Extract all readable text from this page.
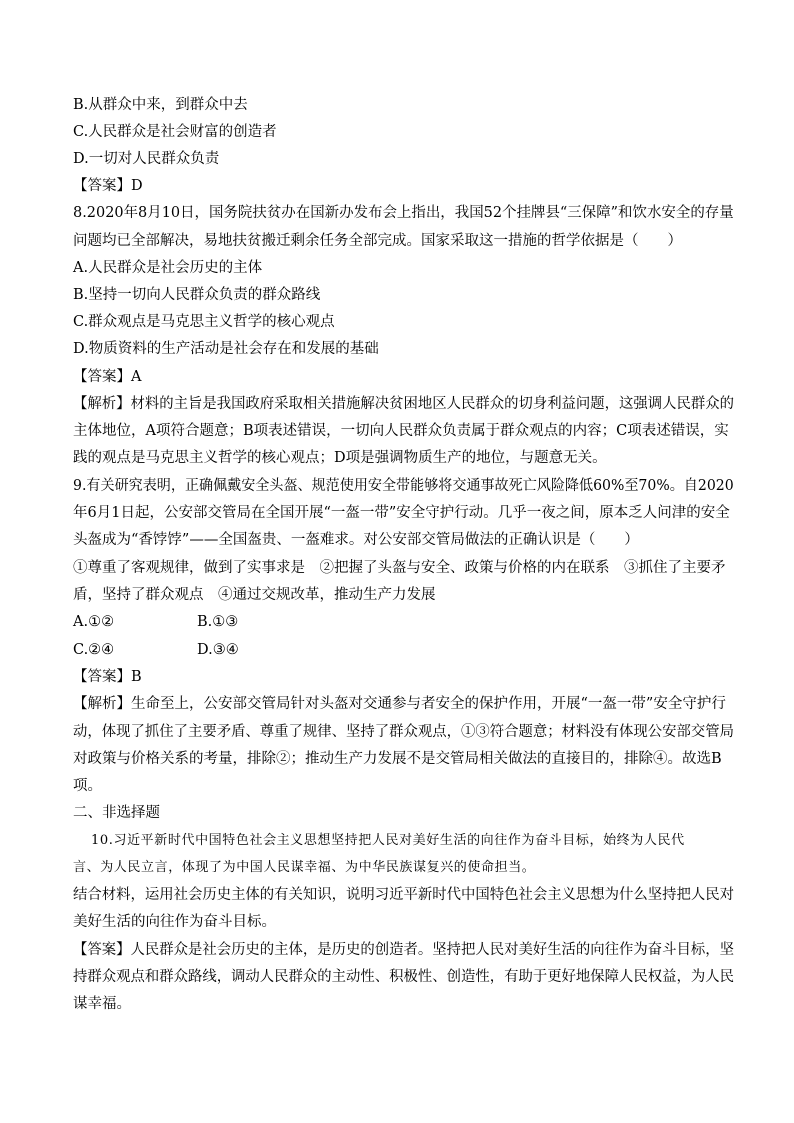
B.从群众中来，到群众中去
C.人民群众是社会财富的创造者
D.一切对人民群众负责
【答案】D
8.2020年8月10日，国务院扶贫办在国新办发布会上指出，我国52个挂牌县“三保障”和饮水安全的存量
问题均已全部解决，易地扶贫搬迁剩余任务全部完成。国家采取这一措施的哲学依据是（　　）
A.人民群众是社会历史的主体
B.坚持一切向人民群众负责的群众路线
C.群众观点是马克思主义哲学的核心观点
D.物质资料的生产活动是社会存在和发展的基础
【答案】A
【解析】材料的主旨是我国政府采取相关措施解决贫困地区人民群众的切身利益问题，这强调人民群众的
主体地位，A项符合题意；B项表述错误，一切向人民群众负责属于群众观点的内容；C项表述错误，实
践的观点是马克思主义哲学的核心观点；D项是强调物质生产的地位，与题意无关。
9.有关研究表明，正确佩戴安全头盔、规范使用安全带能够将交通事故死亡风险降低60%至70%。自2020
年6月1日起，公安部交管局在全国开展“一盔一带”安全守护行动。几乎一夜之间，原本乏人问津的安全
头盔成为“香饽饽”——全国盔贵、一盔难求。对公安部交管局做法的正确认识是（　　）
①尊重了客观规律，做到了实事求是　②把握了头盔与安全、政策与价格的内在联系　③抓住了主要矛
盾，坚持了群众观点　④通过交规改革，推动生产力发展
A.①②	B.①③
C.②④	D.③④
【答案】B
【解析】生命至上，公安部交管局针对头盔对交通参与者安全的保护作用，开展“一盔一带”安全守护行
动，体现了抓住了主要矛盾、尊重了规律、坚持了群众观点，①③符合题意；材料没有体现公安部交管局
对政策与价格关系的考量，排除②；推动生产力发展不是交管局相关做法的直接目的，排除④。故选B
项。
二、非选择题
10.习近平新时代中国特色社会主义思想坚持把人民对美好生活的向往作为奋斗目标，始终为人民代
言、为人民立言，体现了为中国人民谋幸福、为中华民族谋复兴的使命担当。
结合材料，运用社会历史主体的有关知识，说明习近平新时代中国特色社会主义思想为什么坚持把人民对
美好生活的向往作为奋斗目标。
【答案】人民群众是社会历史的主体，是历史的创造者。坚持把人民对美好生活的向往作为奋斗目标，坚
持群众观点和群众路线，调动人民群众的主动性、积极性、创造性，有助于更好地保障人民权益，为人民
谋幸福。
